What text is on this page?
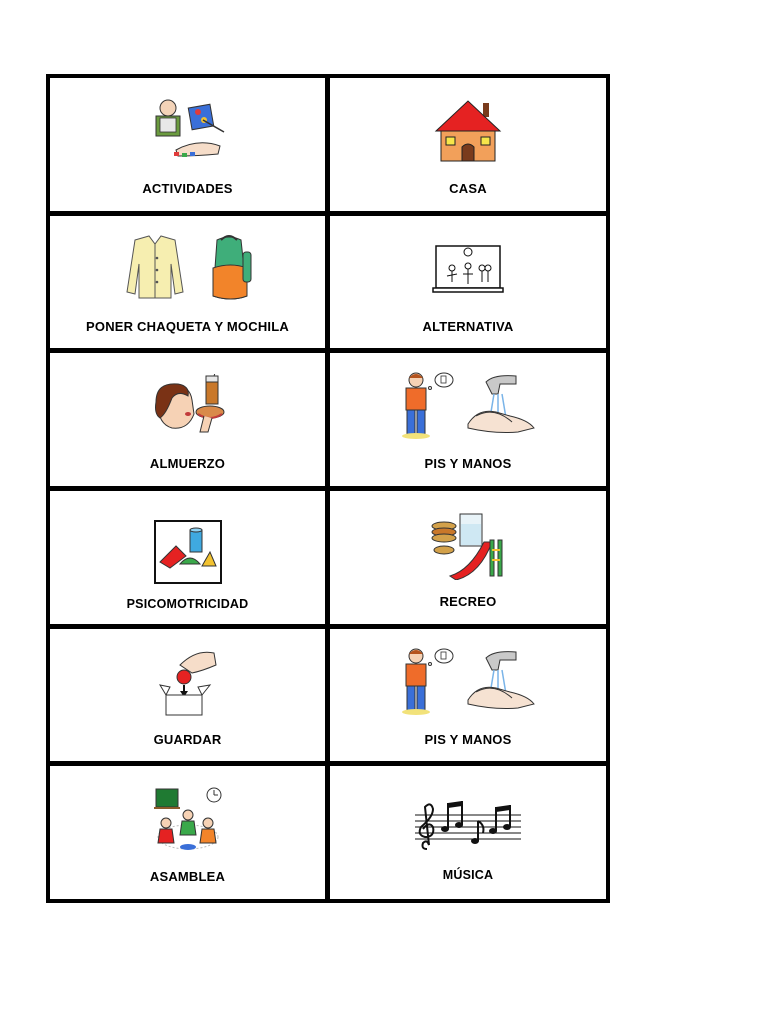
ACTIVIDADES	CASA
PONER CHAQUETA Y MOCHILA	ALTERNATIVA
ALMUERZO	PIS Y MANOS
PSICOMOTRICIDAD	RECREO
GUARDAR	PIS Y MANOS
ASAMBLEA	MÚSICA
